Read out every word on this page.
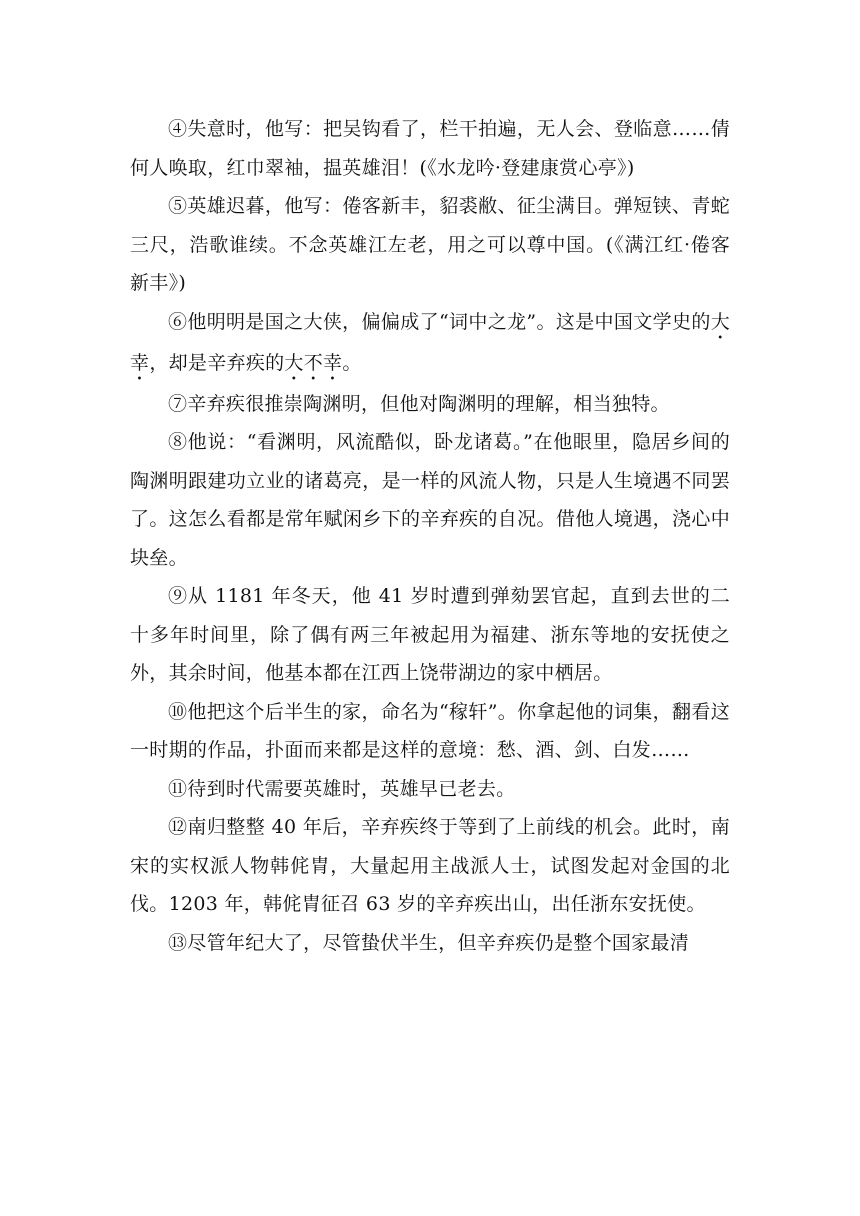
④失意时，他写：把吴钩看了，栏干拍遍，无人会、登临意……倩何人唤取，红巾翠袖，揾英雄泪！(《水龙吟·登建康赏心亭》)

⑤英雄迟暮，他写：倦客新丰，貂裘敝、征尘满目。弹短铗、青蛇三尺，浩歌谁续。不念英雄江左老，用之可以尊中国。(《满江红·倦客新丰》)

⑥他明明是国之大侠，偏偏成了“词中之龙”。这是中国文学史的大幸，却是辛弃疾的大不幸。

⑦辛弃疾很推崇陶渊明，但他对陶渊明的理解，相当独特。

⑧他说：“看渊明，风流酷似，卧龙诸葛。”在他眼里，隐居乡间的陶渊明跟建功立业的诸葛亮，是一样的风流人物，只是人生境遇不同罢了。这怎么看都是常年赋闲乡下的辛弃疾的自况。借他人境遇，浇心中块垒。

⑨从 1181 年冬天，他 41 岁时遭到弹劾罢官起，直到去世的二十多年时间里，除了偶有两三年被起用为福建、浙东等地的安抚使之外，其余时间，他基本都在江西上饶带湖边的家中栖居。

⑩他把这个后半生的家，命名为“稼轩”。你拿起他的词集，翻看这一时期的作品，扑面而来都是这样的意境：愁、酒、剑、白发……

⑪待到时代需要英雄时，英雄早已老去。

⑫南归整整 40 年后，辛弃疾终于等到了上前线的机会。此时，南宋的实权派人物韩侂胄，大量起用主战派人士，试图发起对金国的北伐。1203 年，韩侂胄征召 63 岁的辛弃疾出山，出任浙东安抚使。

⑬尽管年纪大了，尽管蛰伏半生，但辛弃疾仍是整个国家最清
